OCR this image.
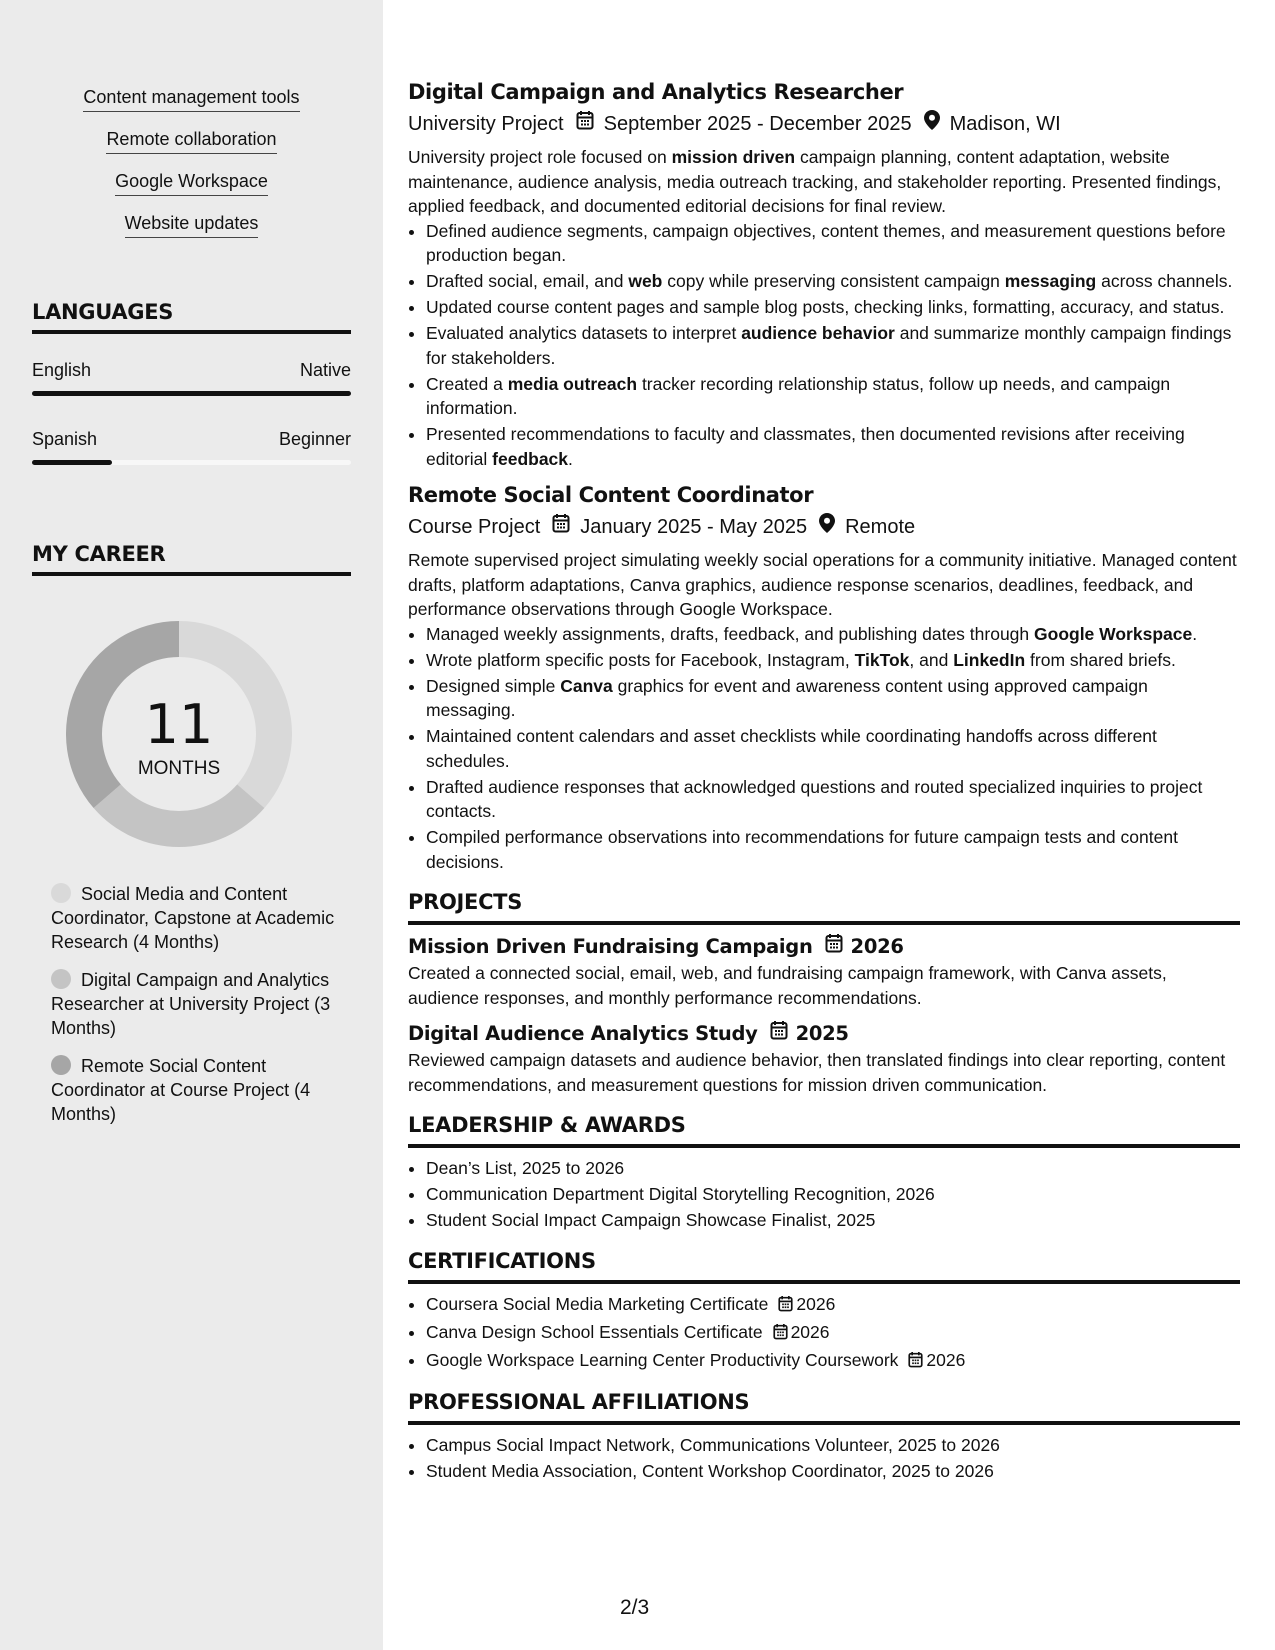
Content management tools
Remote collaboration
Google Workspace
Website updates
LANGUAGES
English	Native
Spanish	Beginner
MY CAREER
11
MONTHS
Social Media and Content Coordinator, Capstone at Academic Research (4 Months)
Digital Campaign and Analytics Researcher at University Project (3 Months)
Remote Social Content Coordinator at Course Project (4 Months)
Digital Campaign and Analytics Researcher
University Project September 2025 - December 2025 Madison, WI
University project role focused on mission driven campaign planning, content adaptation, website maintenance, audience analysis, media outreach tracking, and stakeholder reporting. Presented findings, applied feedback, and documented editorial decisions for final review.
• Defined audience segments, campaign objectives, content themes, and measurement questions before production began.
• Drafted social, email, and web copy while preserving consistent campaign messaging across channels.
• Updated course content pages and sample blog posts, checking links, formatting, accuracy, and status.
• Evaluated analytics datasets to interpret audience behavior and summarize monthly campaign findings for stakeholders.
• Created a media outreach tracker recording relationship status, follow up needs, and campaign information.
• Presented recommendations to faculty and classmates, then documented revisions after receiving editorial feedback.
Remote Social Content Coordinator
Course Project January 2025 - May 2025 Remote
Remote supervised project simulating weekly social operations for a community initiative. Managed content drafts, platform adaptations, Canva graphics, audience response scenarios, deadlines, feedback, and performance observations through Google Workspace.
• Managed weekly assignments, drafts, feedback, and publishing dates through Google Workspace.
• Wrote platform specific posts for Facebook, Instagram, TikTok, and LinkedIn from shared briefs.
• Designed simple Canva graphics for event and awareness content using approved campaign messaging.
• Maintained content calendars and asset checklists while coordinating handoffs across different schedules.
• Drafted audience responses that acknowledged questions and routed specialized inquiries to project contacts.
• Compiled performance observations into recommendations for future campaign tests and content decisions.
PROJECTS
Mission Driven Fundraising Campaign 2026
Created a connected social, email, web, and fundraising campaign framework, with Canva assets, audience responses, and monthly performance recommendations.
Digital Audience Analytics Study 2025
Reviewed campaign datasets and audience behavior, then translated findings into clear reporting, content recommendations, and measurement questions for mission driven communication.
LEADERSHIP & AWARDS
• Dean’s List, 2025 to 2026
• Communication Department Digital Storytelling Recognition, 2026
• Student Social Impact Campaign Showcase Finalist, 2025
CERTIFICATIONS
• Coursera Social Media Marketing Certificate 2026
• Canva Design School Essentials Certificate 2026
• Google Workspace Learning Center Productivity Coursework 2026
PROFESSIONAL AFFILIATIONS
• Campus Social Impact Network, Communications Volunteer, 2025 to 2026
• Student Media Association, Content Workshop Coordinator, 2025 to 2026
2/3
